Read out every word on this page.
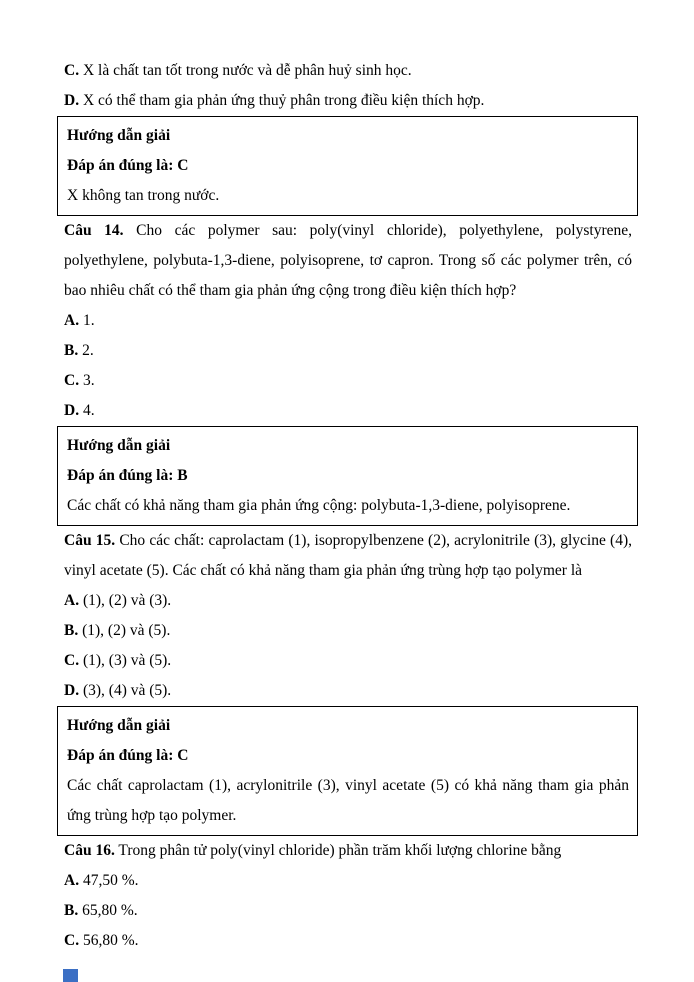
C. X là chất tan tốt trong nước và dễ phân huỷ sinh học.
D. X có thể tham gia phản ứng thuỷ phân trong điều kiện thích hợp.
Hướng dẫn giải
Đáp án đúng là: C
X không tan trong nước.
Câu 14. Cho các polymer sau: poly(vinyl chloride), polyethylene, polystyrene, polyethylene, polybuta-1,3-diene, polyisoprene, tơ capron. Trong số các polymer trên, có bao nhiêu chất có thể tham gia phản ứng cộng trong điều kiện thích hợp?
A. 1.
B. 2.
C. 3.
D. 4.
Hướng dẫn giải
Đáp án đúng là: B
Các chất có khả năng tham gia phản ứng cộng: polybuta-1,3-diene, polyisoprene.
Câu 15. Cho các chất: caprolactam (1), isopropylbenzene (2), acrylonitrile (3), glycine (4), vinyl acetate (5). Các chất có khả năng tham gia phản ứng trùng hợp tạo polymer là
A. (1), (2) và (3).
B. (1), (2) và (5).
C. (1), (3) và (5).
D. (3), (4) và (5).
Hướng dẫn giải
Đáp án đúng là: C
Các chất caprolactam (1), acrylonitrile (3), vinyl acetate (5) có khả năng tham gia phản ứng trùng hợp tạo polymer.
Câu 16. Trong phân tử poly(vinyl chloride) phần trăm khối lượng chlorine bằng
A. 47,50 %.
B. 65,80 %.
C. 56,80 %.
